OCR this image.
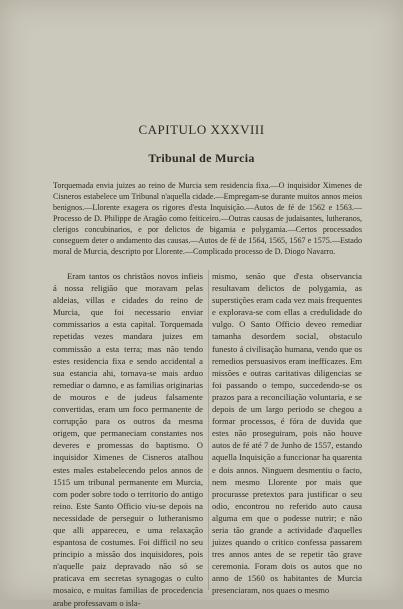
CAPITULO XXXVIII
Tribunal de Murcia
Torquemada envia juizes ao reino de Murcia sem residencia fixa.—O inquisidor Ximenes de Cisneros estabelece um Tribunal n'aquella cidade.—Empregam-se durante muitos annos meios benignos.—Llorente exagera os rigores d'esta Inquisição.—Autos de fé de 1562 e 1563.—Processo de D. Philippe de Aragão como feiticeiro.—Outras causas de judaisantes, lutheranos, clerigos concubinarios, e por delictos de bigamia e polygamia.—Certos processados conseguem deter o andamento das causas.—Autos de fé de 1564, 1565, 1567 e 1575.—Estado moral de Murcia, descripto por Llorente.—Complicado processo de D. Diogo Navarro.
Eram tantos os christãos novos infieis á nossa religião que moravam pelas aldeias, villas e cidades do reino de Murcia, que foi necessario enviar commissarios a esta capital. Torquemada repetidas vezes mandara juizes em commissão a esta terra; mas não tendo estes residencia fixa e sendo accidental a sua estancia ahi, tornava-se mais arduo remediar o damno, e as familias originarias de mouros e de judeus falsamente convertidas, eram um foco permanente de corrupção para os outros da mesma origem, que permaneciam constantes nos deveres e promessas do baptismo. O inquisidor Ximenes de Cisneros atalhou estes males estabelecendo pelos annos de 1515 um tribunal permanente em Murcia, com poder sobre todo o territorio do antigo reino. Este Santo Officio viu-se depois na necessidade de perseguir o lutheranismo que alli appareceu, e uma relaxação espantosa de costumes. Foi difficil no seu principio a missão dos inquisidores, pois n'aquelle paiz depravado não só se praticava em secretas synagogas o culto mosaico, e muitas familias de procedencia arabe professavam o isla-
mismo, senão que d'esta observancia resultavam delictos de polygamia, as superstições eram cada vez mais frequentes e explorava-se com ellas a credulidade do vulgo. O Santo Officio deveo remediar tamanha desordem social, obstaculo funesto á civilisação humana, vendo que os remedios persuasivos eram inefficazes. Em missões e outras caritativas diligencias se foi passando o tempo, succedendo-se os prazos para a reconciliação voluntaria, e se depois de um largo periodo se chegou a formar processos, é fóra de duvida que estes não proseguiram, pois não houve autos de fé até 7 de Junho de 1557, estando aquella Inquisição a funccionar ha quarenta e dois annos. Ninguem desmentiu o facto, nem mesmo Llorente por mais que procurasse pretextos para justificar o seu odio, encontrou no referido auto causa alguma em que o podesse nutrir; e não seria tão grande a actividade d'aquelles juizes quando o critico confessa passarem tres annos antes de se repetir tão grave ceremonia. Foram dois os autos que no anno de 1560 os habitantes de Murcia presenciaram, nos quaes o mesmo
